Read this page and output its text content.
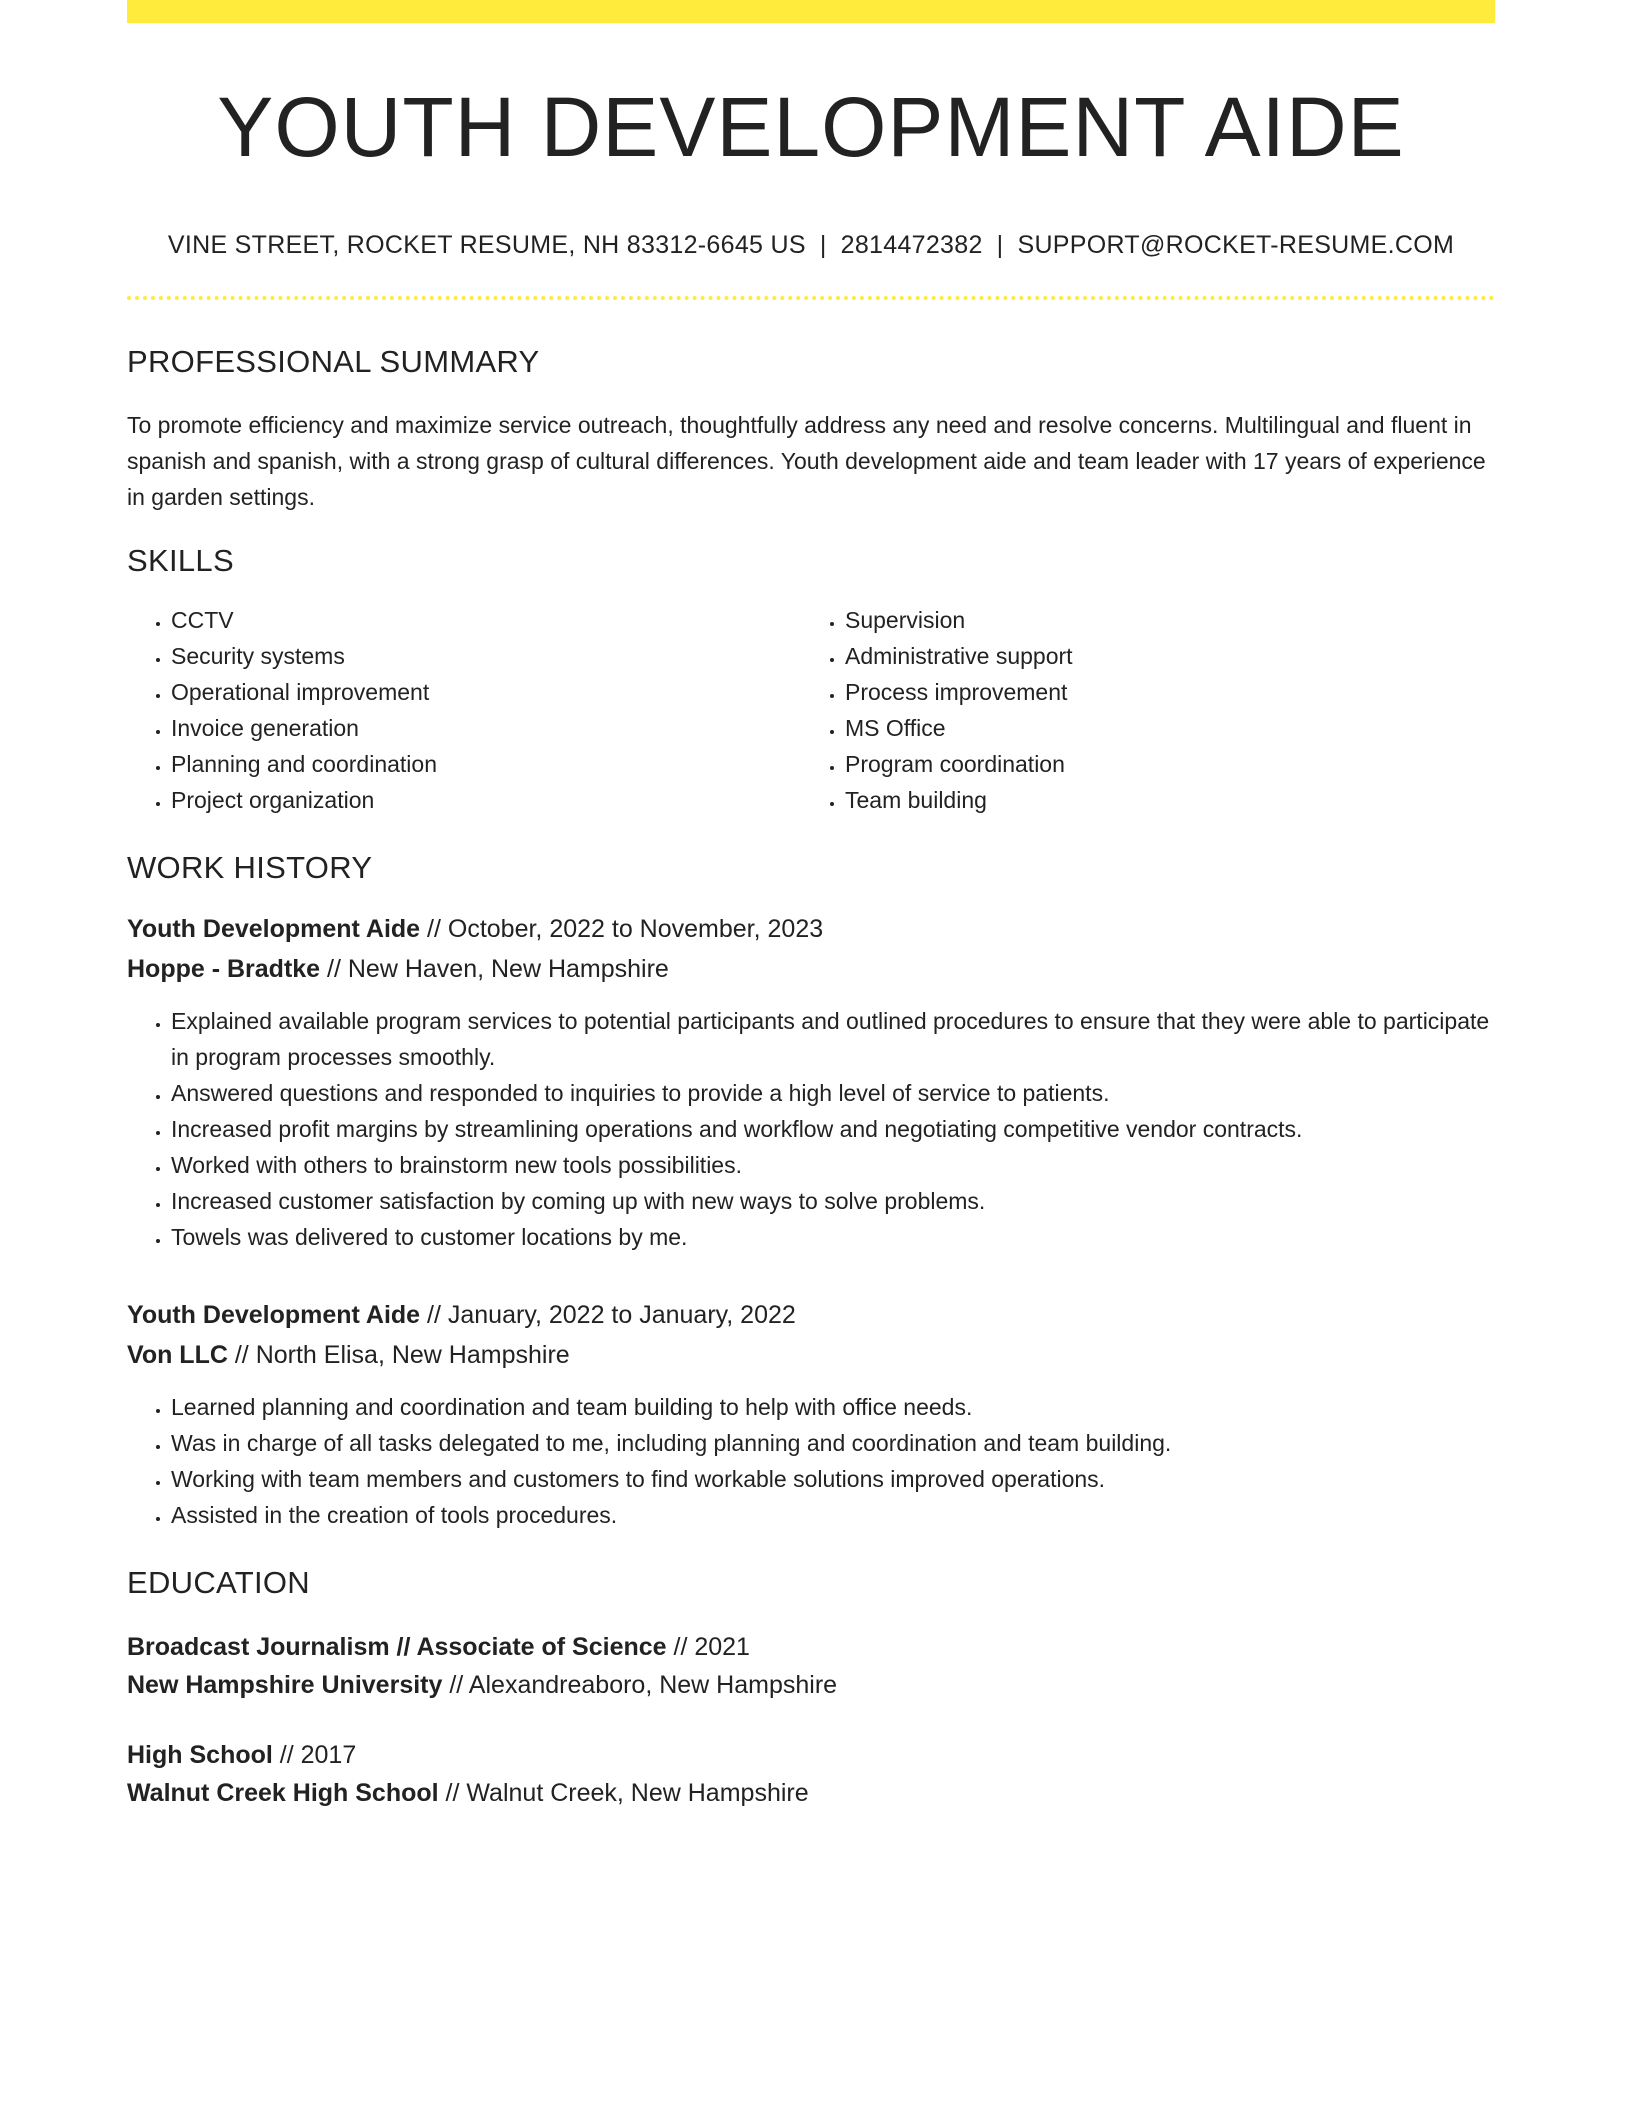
YOUTH DEVELOPMENT AIDE
VINE STREET, ROCKET RESUME, NH 83312-6645 US | 2814472382 | SUPPORT@ROCKET-RESUME.COM
PROFESSIONAL SUMMARY

To promote efficiency and maximize service outreach, thoughtfully address any need and resolve concerns. Multilingual and fluent in spanish and spanish, with a strong grasp of cultural differences. Youth development aide and team leader with 17 years of experience in garden settings.

SKILLS
• CCTV
• Security systems
• Operational improvement
• Invoice generation
• Planning and coordination
• Project organization
• Supervision
• Administrative support
• Process improvement
• MS Office
• Program coordination
• Team building
WORK HISTORY
Youth Development Aide // October, 2022 to November, 2023
Hoppe - Bradtke // New Haven, New Hampshire
• Explained available program services to potential participants and outlined procedures to ensure that they were able to participate in program processes smoothly.
• Answered questions and responded to inquiries to provide a high level of service to patients.
• Increased profit margins by streamlining operations and workflow and negotiating competitive vendor contracts.
• Worked with others to brainstorm new tools possibilities.
• Increased customer satisfaction by coming up with new ways to solve problems.
• Towels was delivered to customer locations by me.
Youth Development Aide // January, 2022 to January, 2022
Von LLC // North Elisa, New Hampshire
• Learned planning and coordination and team building to help with office needs.
• Was in charge of all tasks delegated to me, including planning and coordination and team building.
• Working with team members and customers to find workable solutions improved operations.
• Assisted in the creation of tools procedures.
EDUCATION
Broadcast Journalism // Associate of Science // 2021
New Hampshire University // Alexandreaboro, New Hampshire
High School // 2017
Walnut Creek High School // Walnut Creek, New Hampshire
